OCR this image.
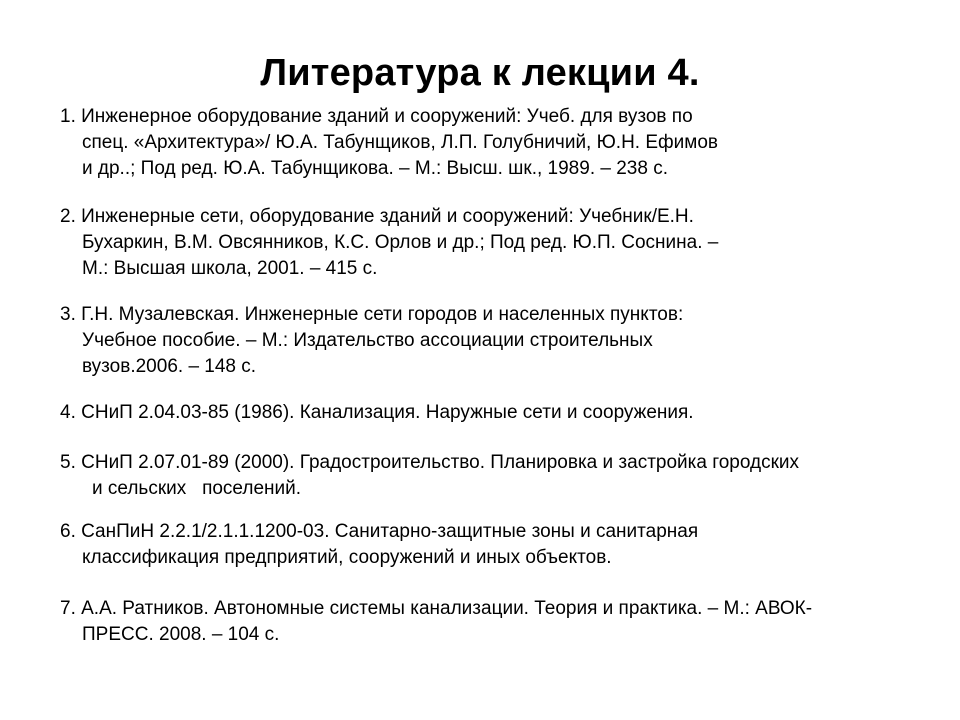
Литература к лекции 4.

1. Инженерное оборудование зданий и сооружений: Учеб. для вузов по
спец. «Архитектура»/ Ю.А. Табунщиков, Л.П. Голубничий, Ю.Н. Ефимов
и др..; Под ред. Ю.А. Табунщикова. – М.: Высш. шк., 1989. – 238 с.

2. Инженерные сети, оборудование зданий и сооружений: Учебник/Е.Н.
Бухаркин, В.М. Овсянников, К.С. Орлов и др.; Под ред. Ю.П. Соснина. –
М.: Высшая школа, 2001. – 415 с.

3. Г.Н. Музалевская. Инженерные сети городов и населенных пунктов:
Учебное пособие. – М.: Издательство ассоциации строительных
вузов.2006. – 148 с.

4. СНиП 2.04.03-85 (1986). Канализация. Наружные сети и сооружения.

5. СНиП 2.07.01-89 (2000). Градостроительство. Планировка и застройка городских
и сельских   поселений.

6. СанПиН 2.2.1/2.1.1.1200-03. Санитарно-защитные зоны и санитарная
классификация предприятий, сооружений и иных объектов.

7. А.А. Ратников. Автономные системы канализации. Теория и практика. – М.: АВОК-
ПРЕСС. 2008. – 104 с.
